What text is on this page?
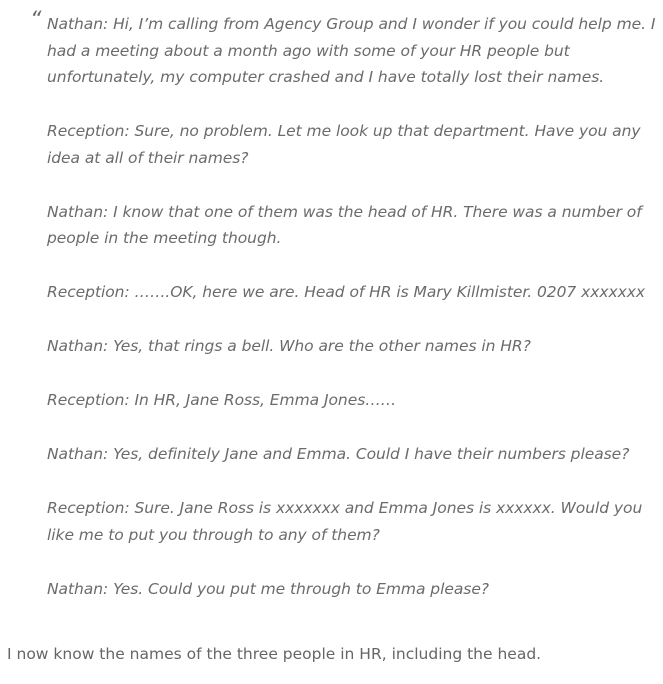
“ Nathan: Hi, I’m calling from Agency Group and I wonder if you could help me. I had a meeting about a month ago with some of your HR people but unfortunately, my computer crashed and I have totally lost their names.

Reception: Sure, no problem. Let me look up that department. Have you any idea at all of their names?

Nathan: I know that one of them was the head of HR. There was a number of people in the meeting though.

Reception: …….OK, here we are. Head of HR is Mary Killmister. 0207 xxxxxxx

Nathan: Yes, that rings a bell. Who are the other names in HR?

Reception: In HR, Jane Ross, Emma Jones……

Nathan: Yes, definitely Jane and Emma. Could I have their numbers please?

Reception: Sure. Jane Ross is xxxxxxx and Emma Jones is xxxxxx. Would you like me to put you through to any of them?

Nathan: Yes. Could you put me through to Emma please?

I now know the names of the three people in HR, including the head.
